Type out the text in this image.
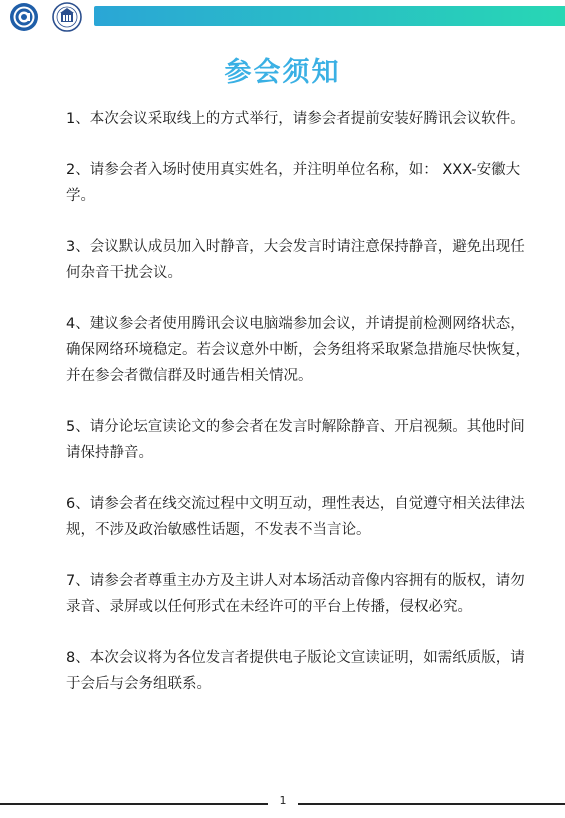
参会须知
1、本次会议采取线上的方式举行，请参会者提前安装好腾讯会议软件。
2、请参会者入场时使用真实姓名，并注明单位名称，如： XXX-安徽大学。
3、会议默认成员加入时静音，大会发言时请注意保持静音，避免出现任何杂音干扰会议。
4、建议参会者使用腾讯会议电脑端参加会议，并请提前检测网络状态，确保网络环境稳定。若会议意外中断，会务组将采取紧急措施尽快恢复，并在参会者微信群及时通告相关情况。
5、请分论坛宣读论文的参会者在发言时解除静音、开启视频。其他时间请保持静音。
6、请参会者在线交流过程中文明互动，理性表达，自觉遵守相关法律法规，不涉及政治敏感性话题，不发表不当言论。
7、请参会者尊重主办方及主讲人对本场活动音像内容拥有的版权，请勿录音、录屏或以任何形式在未经许可的平台上传播，侵权必究。
8、本次会议将为各位发言者提供电子版论文宣读证明，如需纸质版，请于会后与会务组联系。
1
